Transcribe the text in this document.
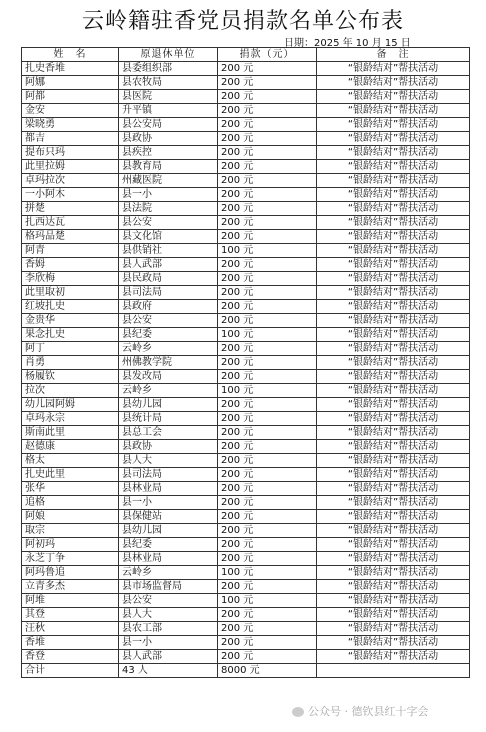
云岭籍驻香党员捐款名单公布表
日期：2025 年 10 月 15 日
姓　名	原退休单位	捐款（元）	备　注
扎史香堆	县委组织部	200 元	“银龄结对”帮扶活动
阿娜	县农牧局	200 元	“银龄结对”帮扶活动
阿都	县医院	200 元	“银龄结对”帮扶活动
金安	升平镇	200 元	“银龄结对”帮扶活动
梁晓勇	县公安局	200 元	“银龄结对”帮扶活动
都吉	县政协	200 元	“银龄结对”帮扶活动
提布只玛	县疾控	200 元	“银龄结对”帮扶活动
此里拉姆	县教育局	200 元	“银龄结对”帮扶活动
卓玛拉次	州藏医院	200 元	“银龄结对”帮扶活动
一小阿木	县一小	200 元	“银龄结对”帮扶活动
拼楚	县法院	200 元	“银龄结对”帮扶活动
扎西达瓦	县公安	200 元	“银龄结对”帮扶活动
格玛品楚	县文化馆	200 元	“银龄结对”帮扶活动
阿青	县供销社	100 元	“银龄结对”帮扶活动
香姆	县人武部	200 元	“银龄结对”帮扶活动
李欣梅	县民政局	200 元	“银龄结对”帮扶活动
此里取初	县司法局	200 元	“银龄结对”帮扶活动
红坡扎史	县政府	200 元	“银龄结对”帮扶活动
金贵华	县公安	200 元	“银龄结对”帮扶活动
果念扎史	县纪委	100 元	“银龄结对”帮扶活动
阿丁	云岭乡	200 元	“银龄结对”帮扶活动
肖勇	州佛教学院	200 元	“银龄结对”帮扶活动
杨履钦	县发改局	200 元	“银龄结对”帮扶活动
拉次	云岭乡	100 元	“银龄结对”帮扶活动
幼儿园阿姆	县幼儿园	200 元	“银龄结对”帮扶活动
卓玛永宗	县统计局	200 元	“银龄结对”帮扶活动
斯南此里	县总工会	200 元	“银龄结对”帮扶活动
赵德康	县政协	200 元	“银龄结对”帮扶活动
格太	县人大	200 元	“银龄结对”帮扶活动
扎史此里	县司法局	200 元	“银龄结对”帮扶活动
张华	县林业局	200 元	“银龄结对”帮扶活动
追格	县一小	200 元	“银龄结对”帮扶活动
阿娘	县保健站	200 元	“银龄结对”帮扶活动
取宗	县幼儿园	200 元	“银龄结对”帮扶活动
阿初玛	县纪委	200 元	“银龄结对”帮扶活动
永芝丁争	县林业局	200 元	“银龄结对”帮扶活动
阿玛鲁追	云岭乡	100 元	“银龄结对”帮扶活动
立青多杰	县市场监督局	200 元	“银龄结对”帮扶活动
阿堆	县公安	100 元	“银龄结对”帮扶活动
其登	县人大	200 元	“银龄结对”帮扶活动
汪秋	县农工部	200 元	“银龄结对”帮扶活动
香堆	县一小	200 元	“银龄结对”帮扶活动
香登	县人武部	200 元	“银龄结对”帮扶活动
合计	43 人	8000 元	
公众号 · 德钦县红十字会
